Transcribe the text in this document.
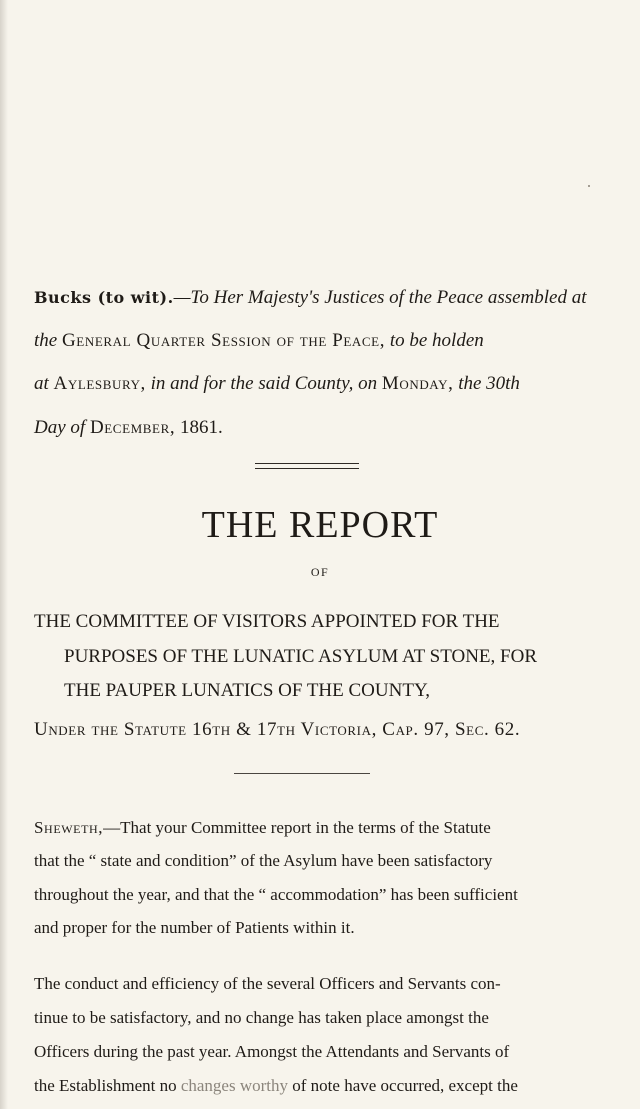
Bucks (to wit).—To Her Majesty's Justices of the Peace assembled at
the General Quarter Session of the Peace, to be holden
at Aylesbury, in and for the said County, on Monday, the 30th
Day of December, 1861.
THE REPORT
OF
THE COMMITTEE OF VISITORS APPOINTED FOR THE
PURPOSES OF THE LUNATIC ASYLUM AT STONE, FOR
THE PAUPER LUNATICS OF THE COUNTY,
Under the Statute 16th & 17th Victoria, Cap. 97, Sec. 62.
Sheweth,—That your Committee report in the terms of the Statute
that the “ state and condition” of the Asylum have been satisfactory
throughout the year, and that the “ accommodation” has been sufficient
and proper for the number of Patients within it.
The conduct and efficiency of the several Officers and Servants con-
tinue to be satisfactory, and no change has taken place amongst the
Officers during the past year. Amongst the Attendants and Servants of
the Establishment no changes worthy of note have occurred, except the
